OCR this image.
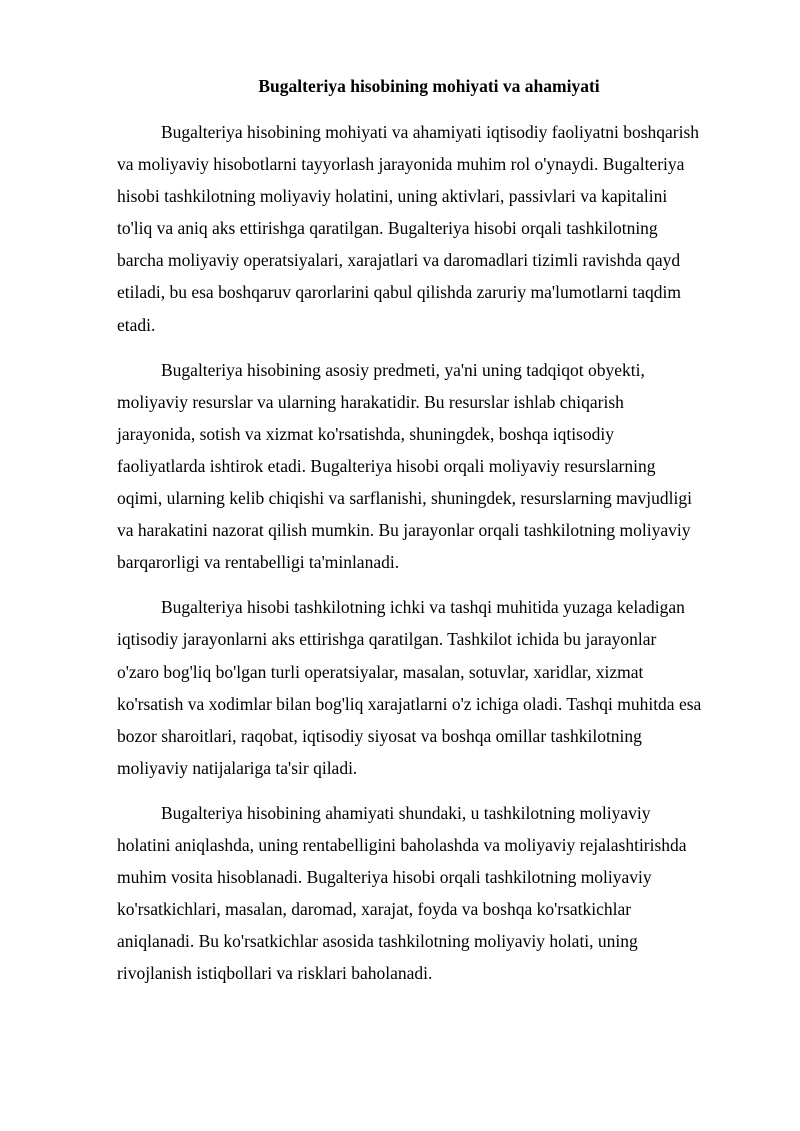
Bugalteriya hisobining mohiyati va ahamiyati

Bugalteriya hisobining mohiyati va ahamiyati iqtisodiy faoliyatni boshqarish
va moliyaviy hisobotlarni tayyorlash jarayonida muhim rol o'ynaydi. Bugalteriya
hisobi tashkilotning moliyaviy holatini, uning aktivlari, passivlari va kapitalini
to'liq va aniq aks ettirishga qaratilgan. Bugalteriya hisobi orqali tashkilotning
barcha moliyaviy operatsiyalari, xarajatlari va daromadlari tizimli ravishda qayd
etiladi, bu esa boshqaruv qarorlarini qabul qilishda zaruriy ma'lumotlarni taqdim
etadi.

Bugalteriya hisobining asosiy predmeti, ya'ni uning tadqiqot obyekti,
moliyaviy resurslar va ularning harakatidir. Bu resurslar ishlab chiqarish
jarayonida, sotish va xizmat ko'rsatishda, shuningdek, boshqa iqtisodiy
faoliyatlarda ishtirok etadi. Bugalteriya hisobi orqali moliyaviy resurslarning
oqimi, ularning kelib chiqishi va sarflanishi, shuningdek, resurslarning mavjudligi
va harakatini nazorat qilish mumkin. Bu jarayonlar orqali tashkilotning moliyaviy
barqarorligi va rentabelligi ta'minlanadi.

Bugalteriya hisobi tashkilotning ichki va tashqi muhitida yuzaga keladigan
iqtisodiy jarayonlarni aks ettirishga qaratilgan. Tashkilot ichida bu jarayonlar
o'zaro bog'liq bo'lgan turli operatsiyalar, masalan, sotuvlar, xaridlar, xizmat
ko'rsatish va xodimlar bilan bog'liq xarajatlarni o'z ichiga oladi. Tashqi muhitda esa
bozor sharoitlari, raqobat, iqtisodiy siyosat va boshqa omillar tashkilotning
moliyaviy natijalariga ta'sir qiladi.

Bugalteriya hisobining ahamiyati shundaki, u tashkilotning moliyaviy
holatini aniqlashda, uning rentabelligini baholashda va moliyaviy rejalashtirishda
muhim vosita hisoblanadi. Bugalteriya hisobi orqali tashkilotning moliyaviy
ko'rsatkichlari, masalan, daromad, xarajat, foyda va boshqa ko'rsatkichlar
aniqlanadi. Bu ko'rsatkichlar asosida tashkilotning moliyaviy holati, uning
rivojlanish istiqbollari va risklari baholanadi.
